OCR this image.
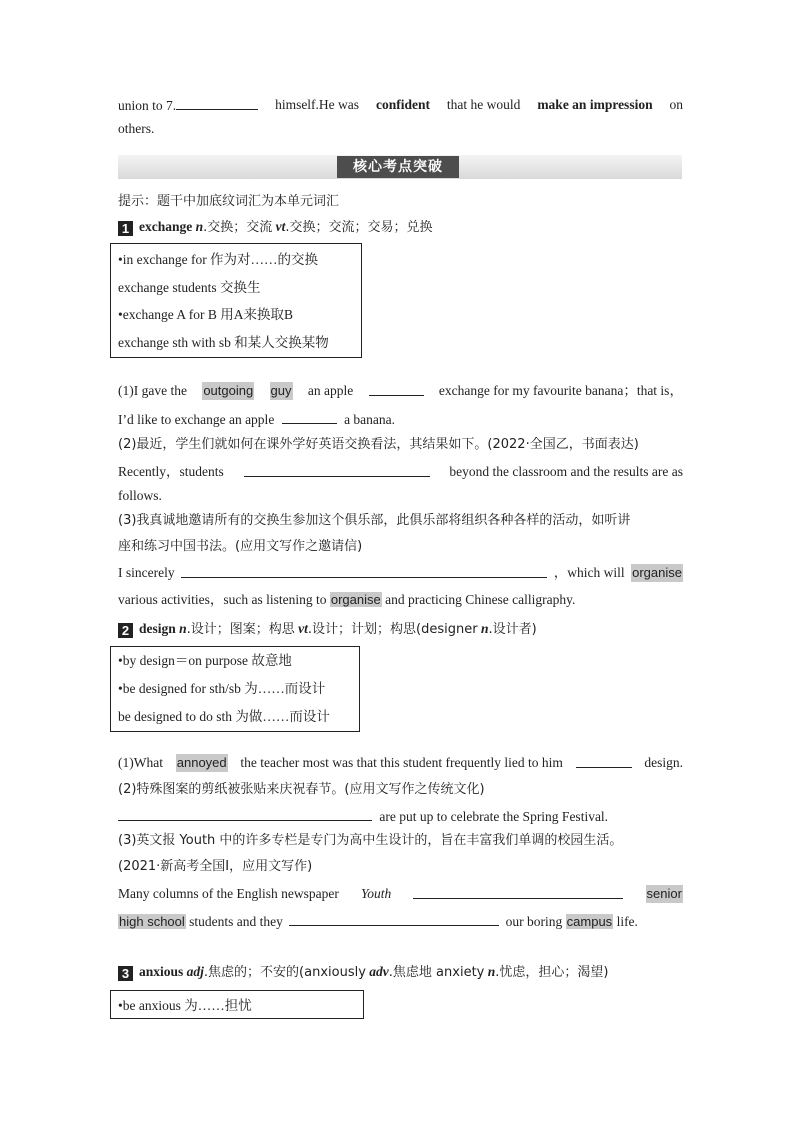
union to 7.	himself.He was confident that he would make an impression on
others.
核心考点突破
提示：题干中加底纹词汇为本单元词汇
1 exchange n.交换；交流 vt.交换；交流；交易；兑换
•in exchange for 作为对……的交换
exchange students 交换生
•exchange A for B 用A来换取B
exchange sth with sb 和某人交换某物
(1)I gave the outgoing guy an apple	exchange for my favourite banana；that is，
I’d like to exchange an apple	a banana.
(2)最近，学生们就如何在课外学好英语交换看法，其结果如下。(2022·全国乙，书面表达)
Recently，students	beyond the classroom and the results are as
follows.
(3)我真诚地邀请所有的交换生参加这个俱乐部，此俱乐部将组织各种各样的活动，如听讲
座和练习中国书法。(应用文写作之邀请信)
I sincerely	，which will organise
various activities，such as listening to organise and practicing Chinese calligraphy.
2 design n.设计；图案；构思 vt.设计；计划；构思(designer n.设计者)
•by design＝on purpose 故意地
•be designed for sth/sb 为……而设计
be designed to do sth 为做……而设计
(1)What annoyed the teacher most was that this student frequently lied to him	design.
(2)特殊图案的剪纸被张贴来庆祝春节。(应用文写作之传统文化)
are put up to celebrate the Spring Festival.
(3)英文报 Youth 中的许多专栏是专门为高中生设计的，旨在丰富我们单调的校园生活。
(2021·新高考全国Ⅰ，应用文写作)
Many columns of the English newspaper Youth	senior
high school students and they	our boring campus life.
3 anxious adj.焦虑的；不安的(anxiously adv.焦虑地 anxiety n.忧虑，担心；渴望)
•be anxious 为……担忧
